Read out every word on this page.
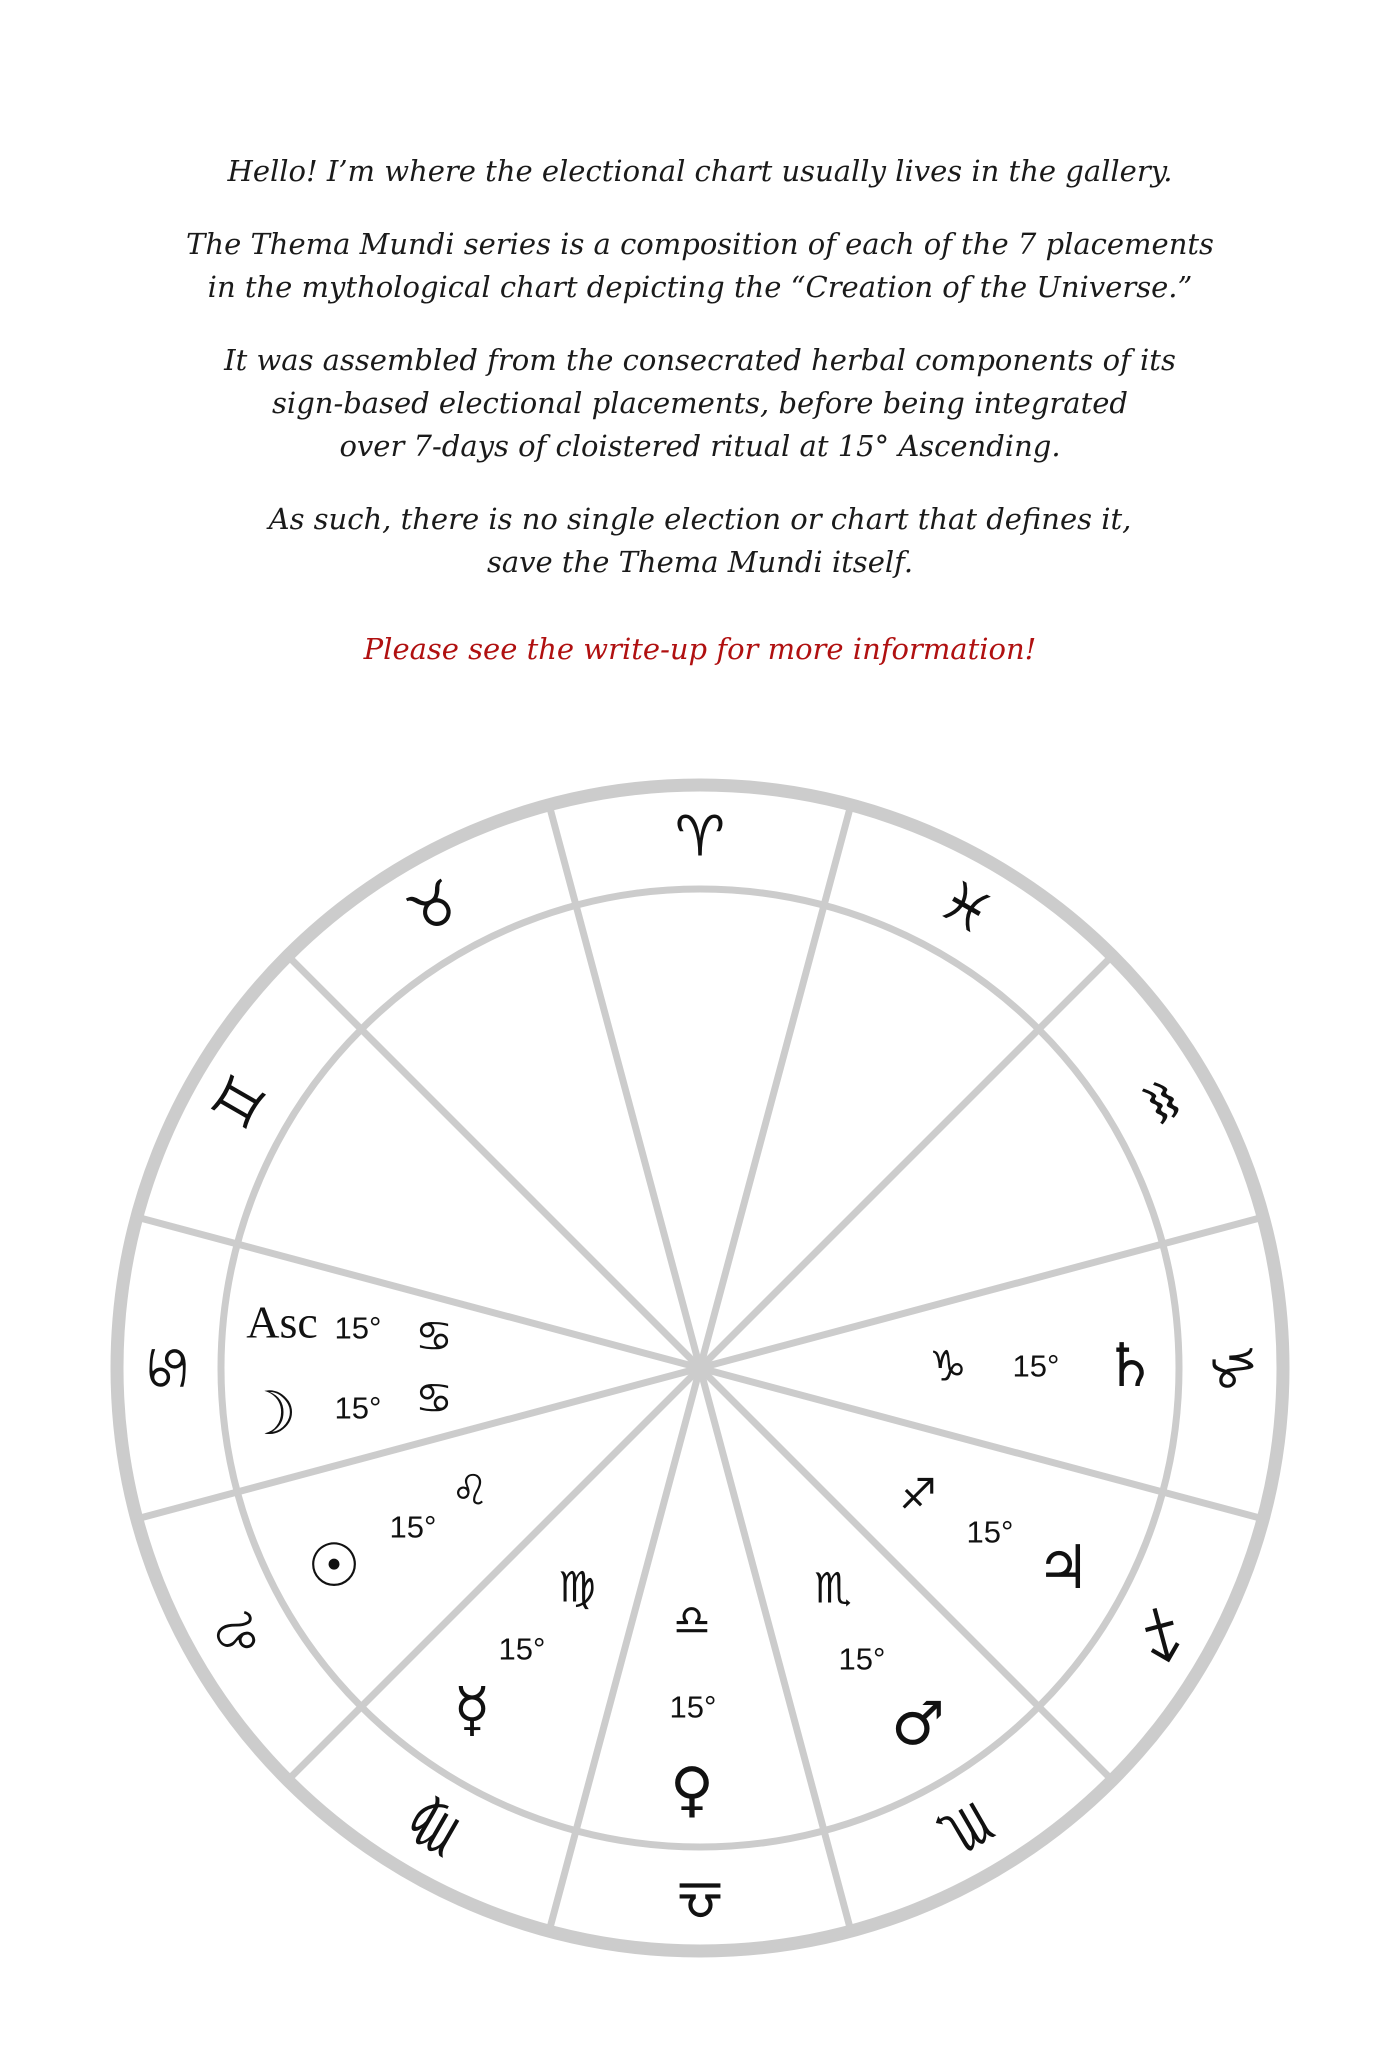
Hello! I’m where the electional chart usually lives in the gallery.

The Thema Mundi series is a composition of each of the 7 placements
in the mythological chart depicting the “Creation of the Universe.”

It was assembled from the consecrated herbal components of its
sign-based electional placements, before being integrated
over 7-days of cloistered ritual at 15° Ascending.

As such, there is no single election or chart that defines it,
save the Thema Mundi itself.

Please see the write-up for more information!

♈
♓
♒
♑
♐
♏
♎
♍
♌
♋
♊
♉
Asc 15° ♋
☽ 15° ♋
♌
15°
☉	♍
15°
☿
♎
15°
♀
♏
15°
♂
♐
15°
♃
♑ 15° ♄
